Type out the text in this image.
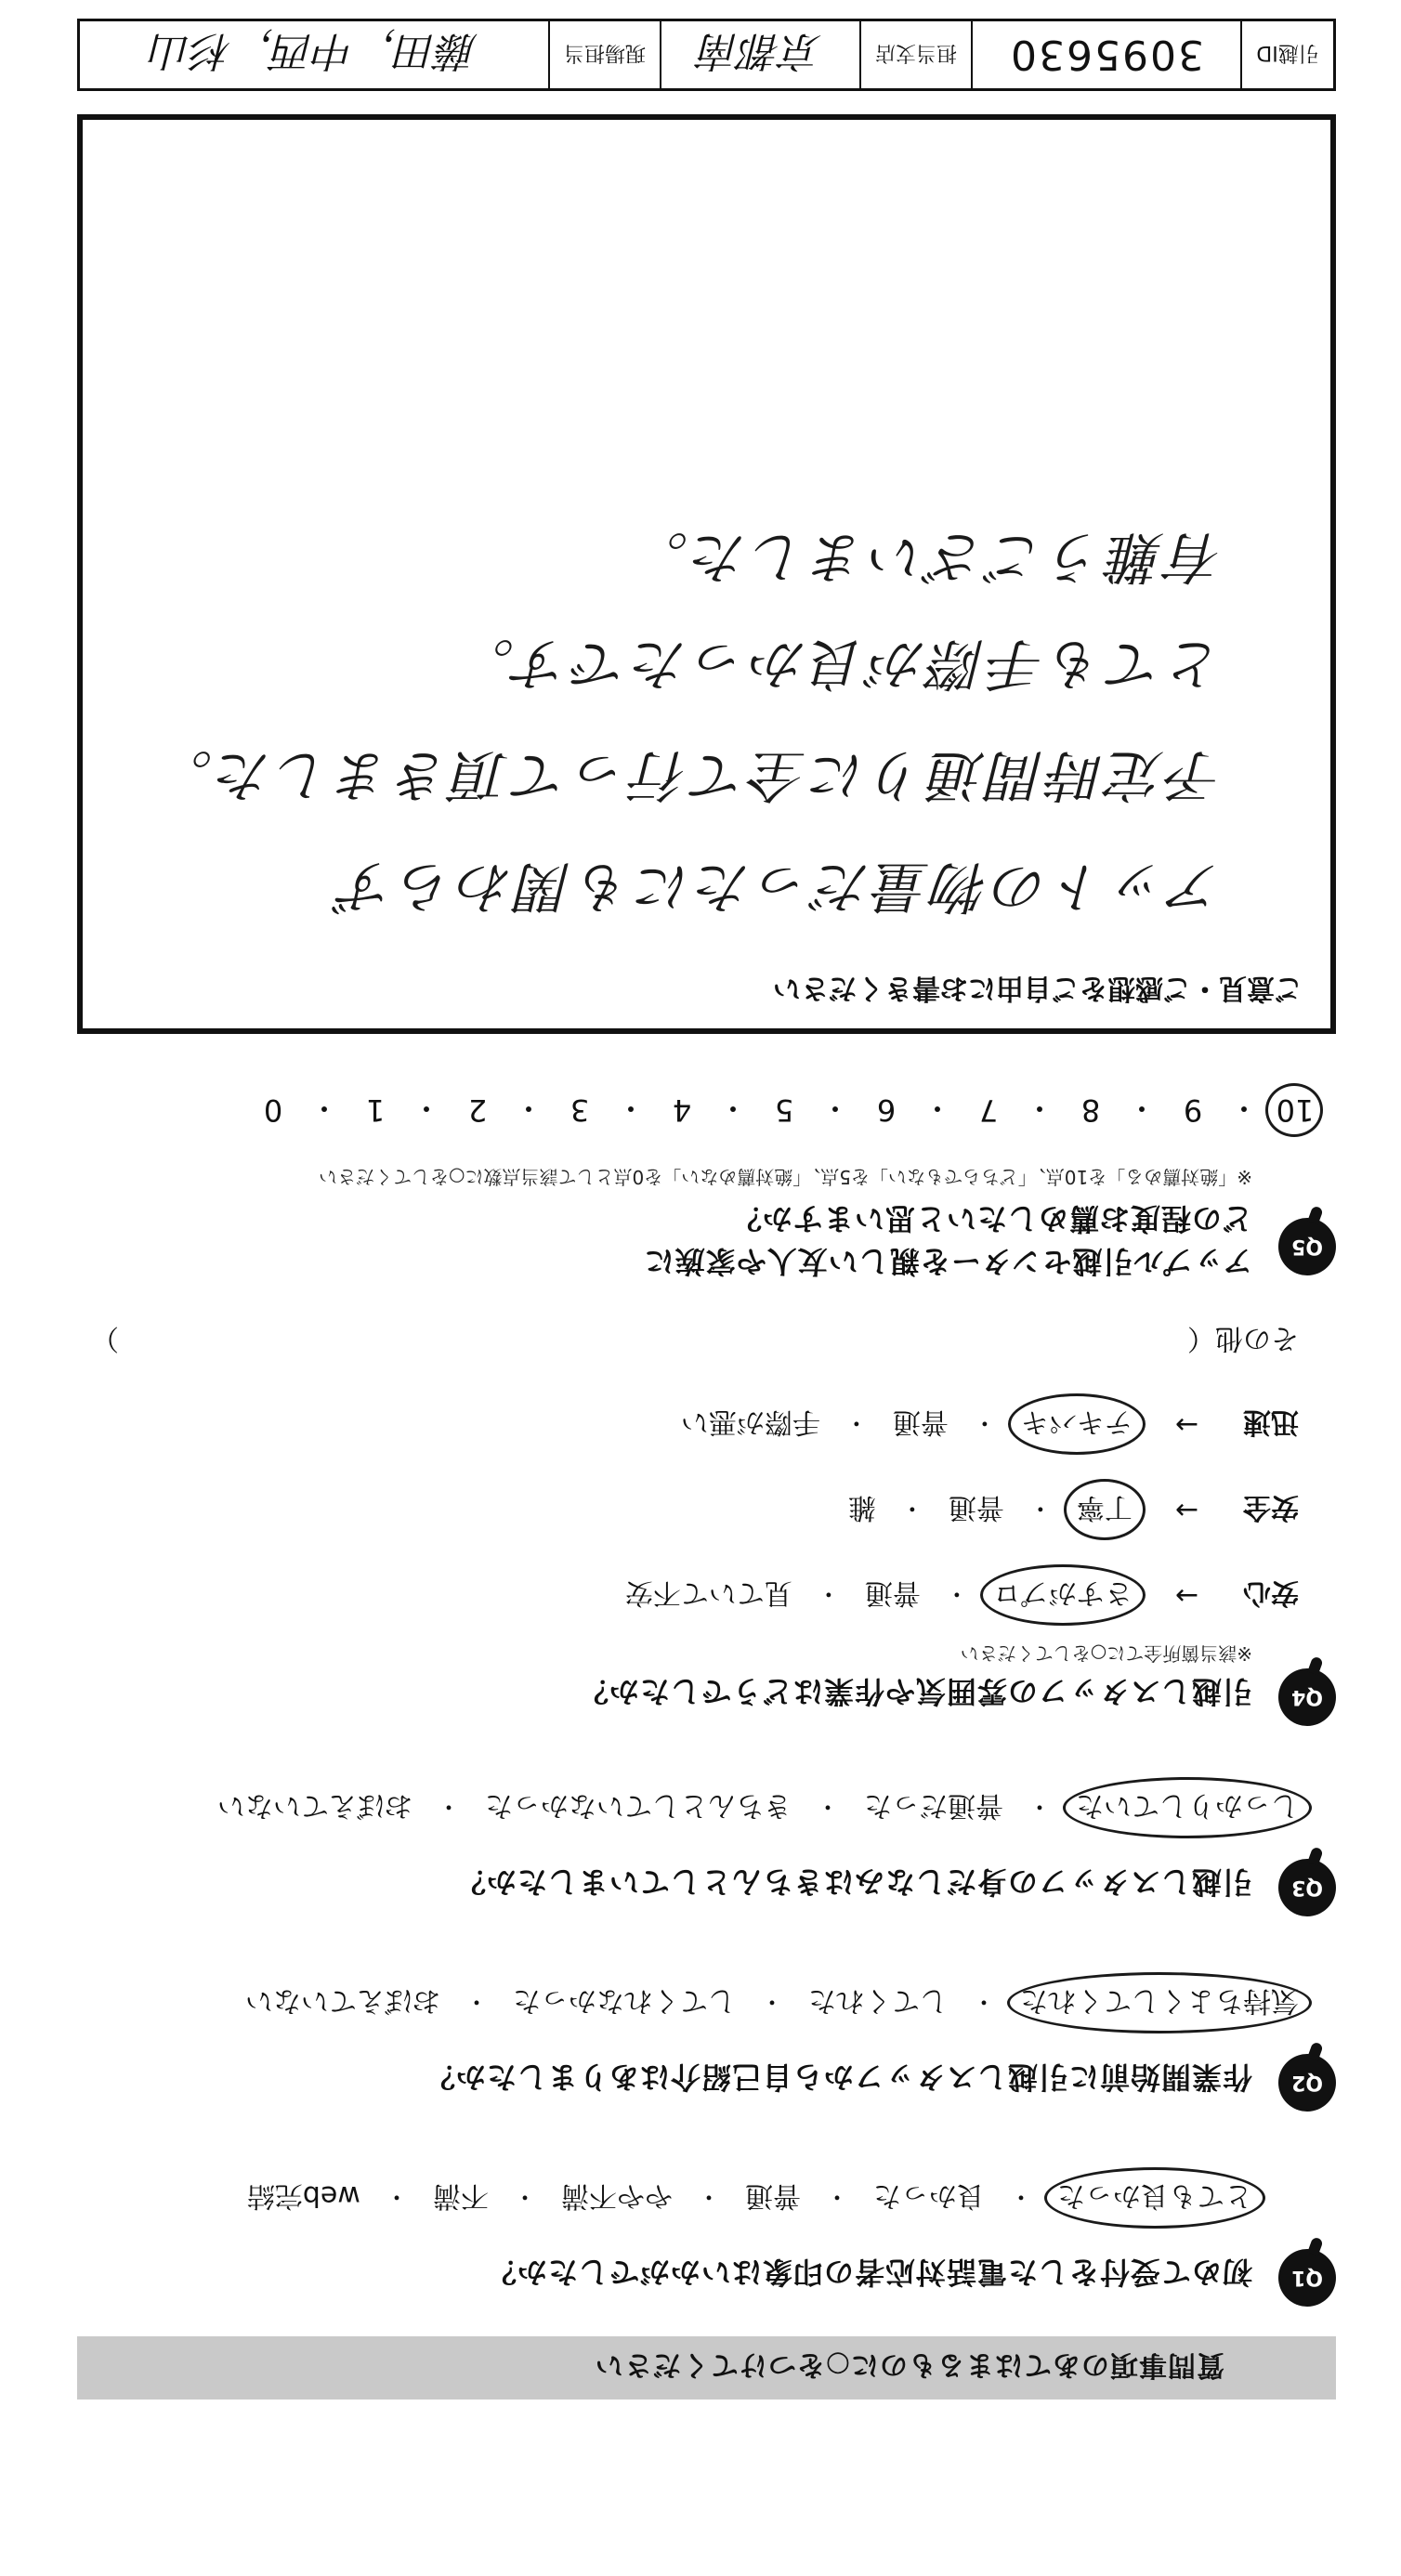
質問事項のあてはまるものに○をつけてください
Q1
初めて受付をした電話対応者の印象はいかがでしたか？
とても良かった
・
良かった
・
普通
・
やや不満
・
不満
・
web完結
Q2
作業開始前に引越しスタッフから自己紹介はありましたか？
気持ちよくしてくれた
・
してくれた
・
してくれなかった
・
おぼえていない
Q3
引越しスタッフの身だしなみはきちんとしていましたか？
しっかりしていた
・
普通だった
・
きちんとしていなかった
・
おぼえていない
Q4
引越しスタッフの雰囲気や作業はどうでしたか？
※該当箇所全てに○をしてください
安心
→
さすがプロ
・
普通
・
見ていて不安
安全
→
丁寧
・
普通
・
雑
迅速
→
テキパキ
・
普通
・
手際が悪い
その他（
）
Q5
アップル引越センターを親しい友人や家族に
どの程度お薦めしたいと思いますか？
※「絶対薦める」を10点、「どちらでもない」を5点、「絶対薦めない」を0点として該当点数に○をしてください
10
・
9
・
8
・
7
・
6
・
5
・
4
・
3
・
2
・
1
・
0
ご意見・ご感想をご自由にお書きください
アットの物量だったにも関わらず
予定時間通りに全て行って頂きました。
とても手際が良かったです。
有難うございました。
引越ID
3095630
担当支店
京都南
現場担当
藤田，中西，杉山
